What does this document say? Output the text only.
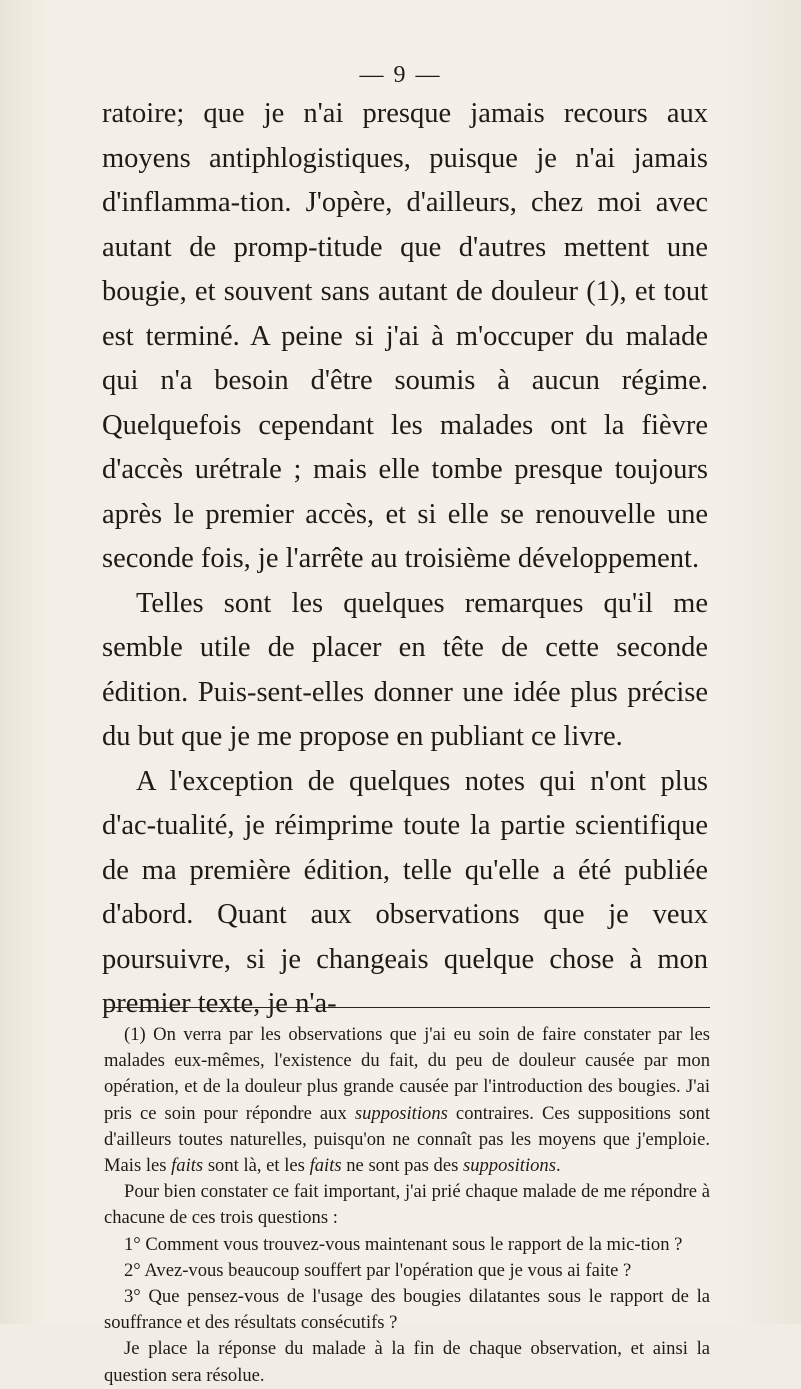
— 9 —

ratoire; que je n'ai presque jamais recours aux moyens antiphlogistiques, puisque je n'ai jamais d'inflamma-tion. J'opère, d'ailleurs, chez moi avec autant de promp-titude que d'autres mettent une bougie, et souvent sans autant de douleur (1), et tout est terminé. A peine si j'ai à m'occuper du malade qui n'a besoin d'être soumis à aucun régime. Quelquefois cependant les malades ont la fièvre d'accès urétrale ; mais elle tombe presque toujours après le premier accès, et si elle se renouvelle une seconde fois, je l'arrête au troisième développement.

Telles sont les quelques remarques qu'il me semble utile de placer en tête de cette seconde édition. Puis-sent-elles donner une idée plus précise du but que je me propose en publiant ce livre.

A l'exception de quelques notes qui n'ont plus d'ac-tualité, je réimprime toute la partie scientifique de ma première édition, telle qu'elle a été publiée d'abord. Quant aux observations que je veux poursuivre, si je changeais quelque chose à mon premier texte, je n'a-

(1) On verra par les observations que j'ai eu soin de faire constater par les malades eux-mêmes, l'existence du fait, du peu de douleur causée par mon opération, et de la douleur plus grande causée par l'introduction des bougies. J'ai pris ce soin pour répondre aux suppositions contraires. Ces suppositions sont d'ailleurs toutes naturelles, puisqu'on ne connaît pas les moyens que j'emploie. Mais les faits sont là, et les faits ne sont pas des suppositions.

Pour bien constater ce fait important, j'ai prié chaque malade de me répondre à chacune de ces trois questions :

1° Comment vous trouvez-vous maintenant sous le rapport de la mic-tion ?

2° Avez-vous beaucoup souffert par l'opération que je vous ai faite ?

3° Que pensez-vous de l'usage des bougies dilatantes sous le rapport de la souffrance et des résultats consécutifs ?

Je place la réponse du malade à la fin de chaque observation, et ainsi la question sera résolue.
